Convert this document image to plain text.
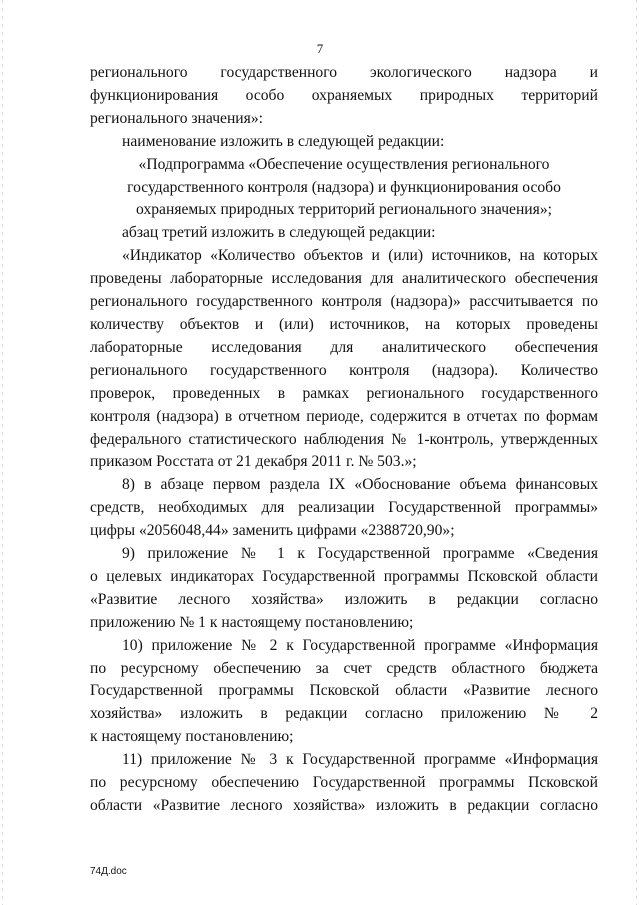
7

регионального государственного экологического надзора и
функционирования особо охраняемых природных территорий
регионального значения»:

наименование изложить в следующей редакции:

«Подпрограмма «Обеспечение осуществления регионального
государственного контроля (надзора) и функционирования особо
охраняемых природных территорий регионального значения»;

абзац третий изложить в следующей редакции:

«Индикатор «Количество объектов и (или) источников, на которых
проведены лабораторные исследования для аналитического обеспечения
регионального государственного контроля (надзора)» рассчитывается по
количеству объектов и (или) источников, на которых проведены
лабораторные исследования для аналитического обеспечения
регионального государственного контроля (надзора). Количество
проверок, проведенных в рамках регионального государственного
контроля (надзора) в отчетном периоде, содержится в отчетах по формам
федерального статистического наблюдения № 1-контроль, утвержденных
приказом Росстата от 21 декабря 2011 г. № 503.»;

8) в абзаце первом раздела IX «Обоснование объема финансовых
средств, необходимых для реализации Государственной программы»
цифры «2056048,44» заменить цифрами «2388720,90»;

9) приложение № 1 к Государственной программе «Сведения
о целевых индикаторах Государственной программы Псковской области
«Развитие лесного хозяйства» изложить в редакции согласно
приложению № 1 к настоящему постановлению;

10) приложение № 2 к Государственной программе «Информация
по ресурсному обеспечению за счет средств областного бюджета
Государственной программы Псковской области «Развитие лесного
хозяйства» изложить в редакции согласно приложению № 2
к настоящему постановлению;

11) приложение № 3 к Государственной программе «Информация
по ресурсному обеспечению Государственной программы Псковской
области «Развитие лесного хозяйства» изложить в редакции согласно

74Д.doc
